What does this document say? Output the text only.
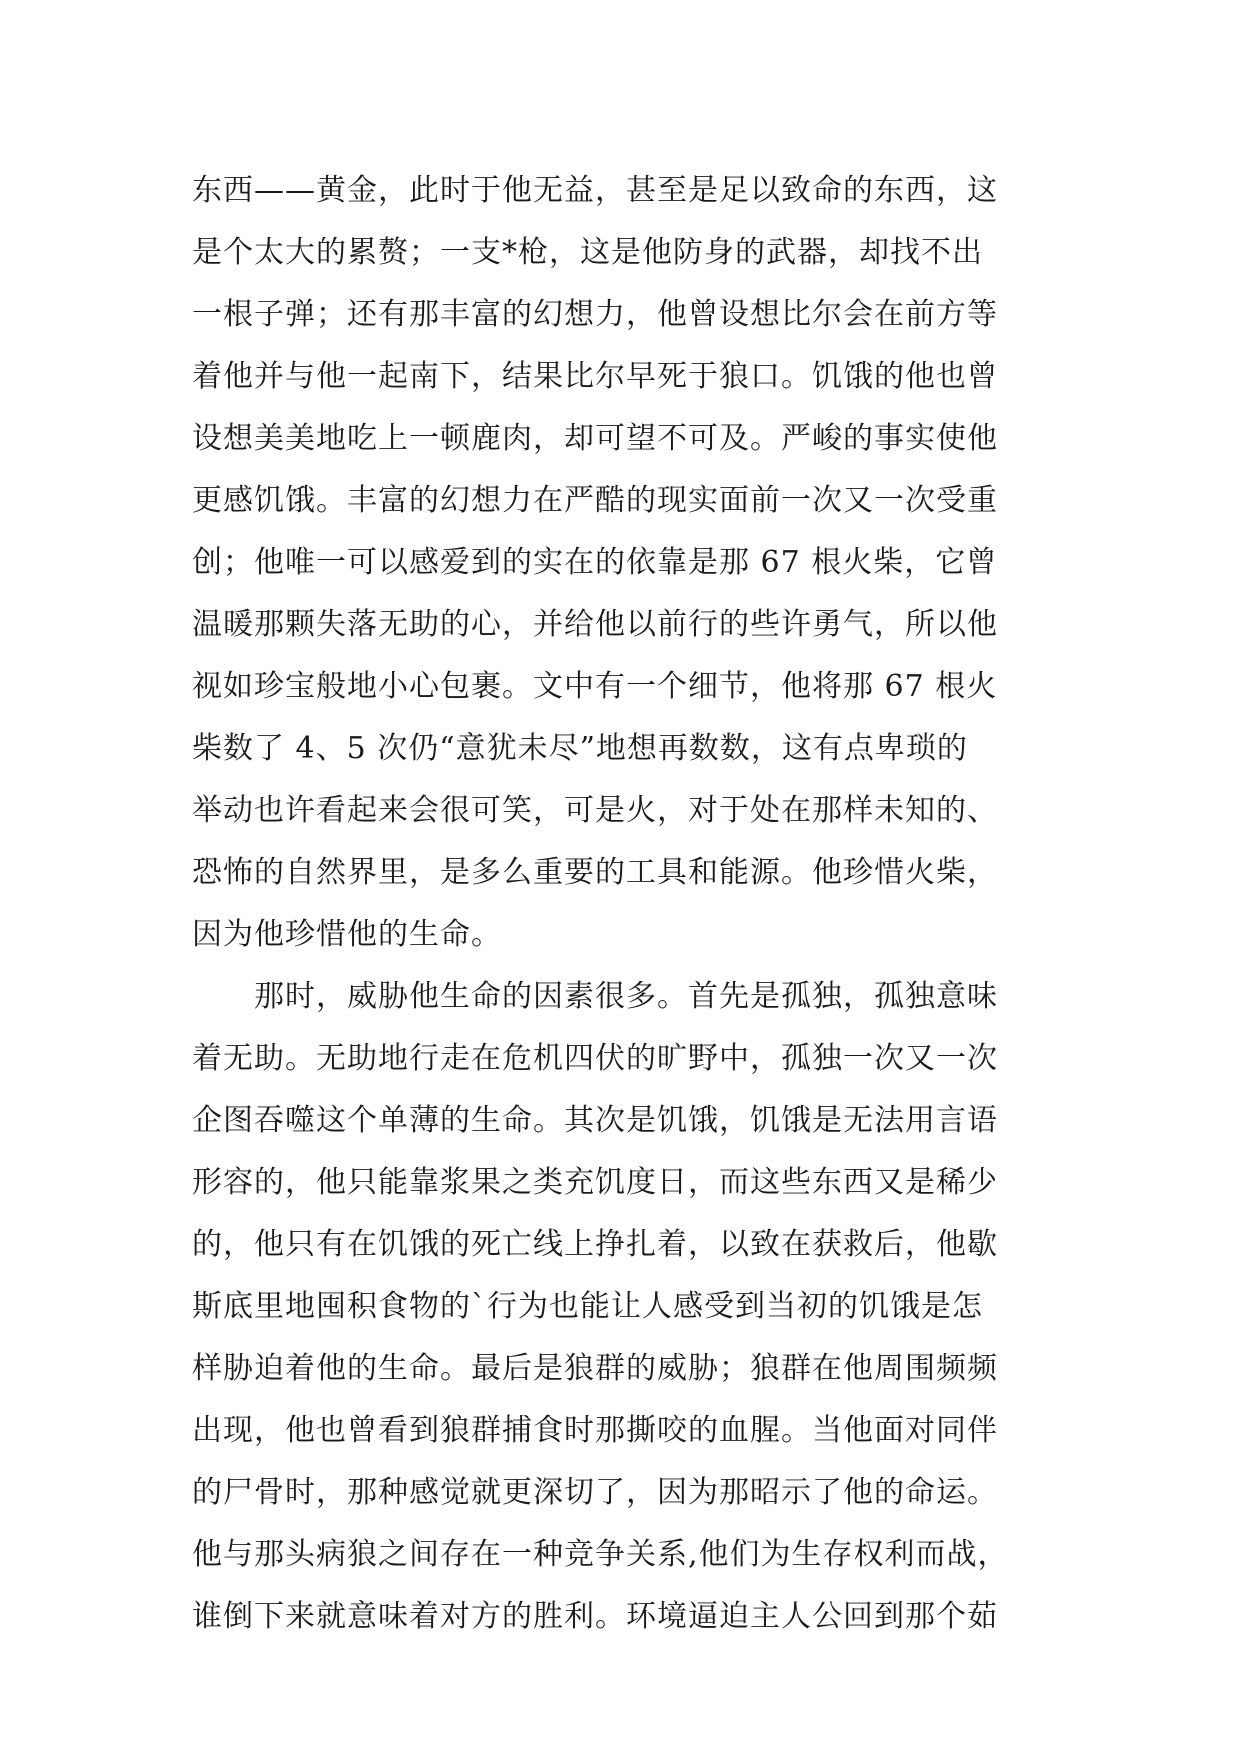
东西——黄金，此时于他无益，甚至是足以致命的东西，这
是个太大的累赘；一支*枪，这是他防身的武器，却找不出
一根子弹；还有那丰富的幻想力，他曾设想比尔会在前方等
着他并与他一起南下，结果比尔早死于狼口。饥饿的他也曾
设想美美地吃上一顿鹿肉，却可望不可及。严峻的事实使他
更感饥饿。丰富的幻想力在严酷的现实面前一次又一次受重
创；他唯一可以感爱到的实在的依靠是那 67 根火柴，它曾
温暖那颗失落无助的心，并给他以前行的些许勇气，所以他
视如珍宝般地小心包裹。文中有一个细节，他将那 67 根火
柴数了 4、5 次仍“意犹未尽”地想再数数，这有点卑琐的
举动也许看起来会很可笑，可是火，对于处在那样未知的、
恐怖的自然界里，是多么重要的工具和能源。他珍惜火柴，
因为他珍惜他的生命。
那时，威胁他生命的因素很多。首先是孤独，孤独意味
着无助。无助地行走在危机四伏的旷野中，孤独一次又一次
企图吞噬这个单薄的生命。其次是饥饿，饥饿是无法用言语
形容的，他只能靠浆果之类充饥度日，而这些东西又是稀少
的，他只有在饥饿的死亡线上挣扎着，以致在获救后，他歇
斯底里地囤积食物的`行为也能让人感受到当初的饥饿是怎
样胁迫着他的生命。最后是狼群的威胁；狼群在他周围频频
出现，他也曾看到狼群捕食时那撕咬的血腥。当他面对同伴
的尸骨时，那种感觉就更深切了，因为那昭示了他的命运。
他与那头病狼之间存在一种竞争关系,他们为生存权利而战，
谁倒下来就意味着对方的胜利。环境逼迫主人公回到那个茹
